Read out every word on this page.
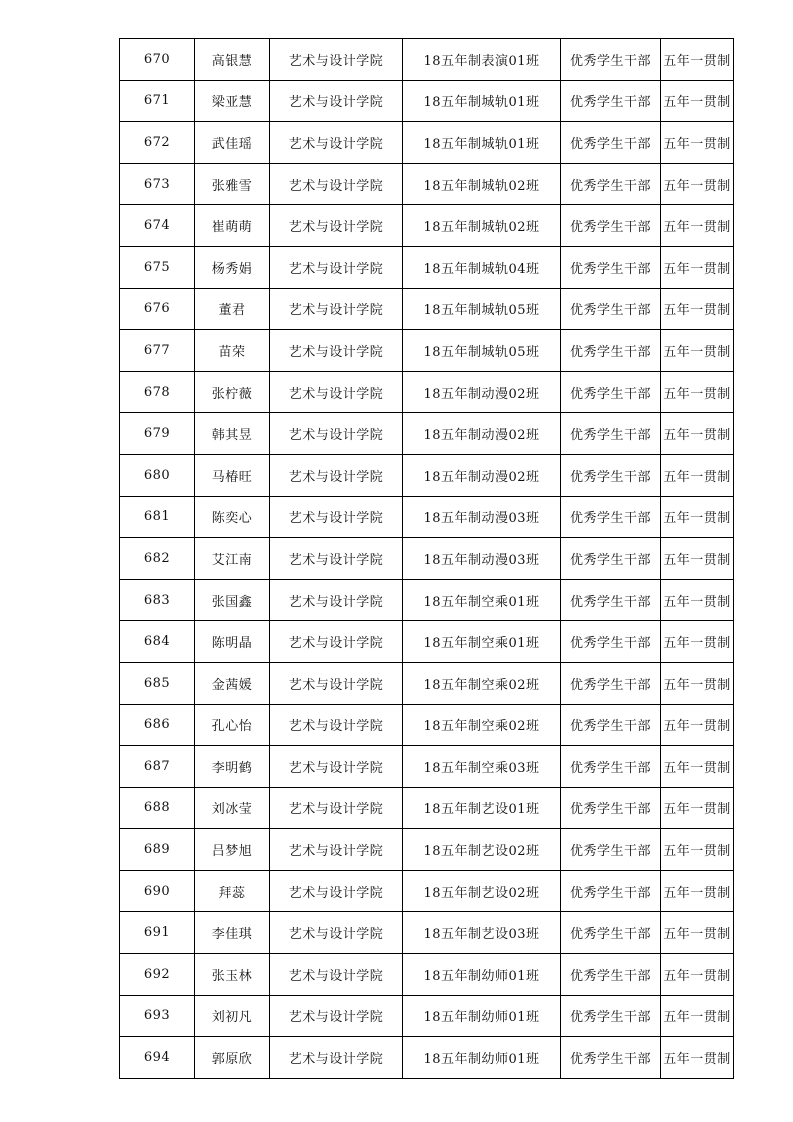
670	高银慧	艺术与设计学院	18五年制表演01班	优秀学生干部	五年一贯制
671	梁亚慧	艺术与设计学院	18五年制城轨01班	优秀学生干部	五年一贯制
672	武佳瑶	艺术与设计学院	18五年制城轨01班	优秀学生干部	五年一贯制
673	张雅雪	艺术与设计学院	18五年制城轨02班	优秀学生干部	五年一贯制
674	崔萌萌	艺术与设计学院	18五年制城轨02班	优秀学生干部	五年一贯制
675	杨秀娟	艺术与设计学院	18五年制城轨04班	优秀学生干部	五年一贯制
676	董君	艺术与设计学院	18五年制城轨05班	优秀学生干部	五年一贯制
677	苗荣	艺术与设计学院	18五年制城轨05班	优秀学生干部	五年一贯制
678	张柠薇	艺术与设计学院	18五年制动漫02班	优秀学生干部	五年一贯制
679	韩其昱	艺术与设计学院	18五年制动漫02班	优秀学生干部	五年一贯制
680	马椿旺	艺术与设计学院	18五年制动漫02班	优秀学生干部	五年一贯制
681	陈奕心	艺术与设计学院	18五年制动漫03班	优秀学生干部	五年一贯制
682	艾江南	艺术与设计学院	18五年制动漫03班	优秀学生干部	五年一贯制
683	张国鑫	艺术与设计学院	18五年制空乘01班	优秀学生干部	五年一贯制
684	陈明晶	艺术与设计学院	18五年制空乘01班	优秀学生干部	五年一贯制
685	金茜媛	艺术与设计学院	18五年制空乘02班	优秀学生干部	五年一贯制
686	孔心怡	艺术与设计学院	18五年制空乘02班	优秀学生干部	五年一贯制
687	李明鹤	艺术与设计学院	18五年制空乘03班	优秀学生干部	五年一贯制
688	刘冰莹	艺术与设计学院	18五年制艺设01班	优秀学生干部	五年一贯制
689	吕梦旭	艺术与设计学院	18五年制艺设02班	优秀学生干部	五年一贯制
690	拜蕊	艺术与设计学院	18五年制艺设02班	优秀学生干部	五年一贯制
691	李佳琪	艺术与设计学院	18五年制艺设03班	优秀学生干部	五年一贯制
692	张玉林	艺术与设计学院	18五年制幼师01班	优秀学生干部	五年一贯制
693	刘初凡	艺术与设计学院	18五年制幼师01班	优秀学生干部	五年一贯制
694	郭原欣	艺术与设计学院	18五年制幼师01班	优秀学生干部	五年一贯制
